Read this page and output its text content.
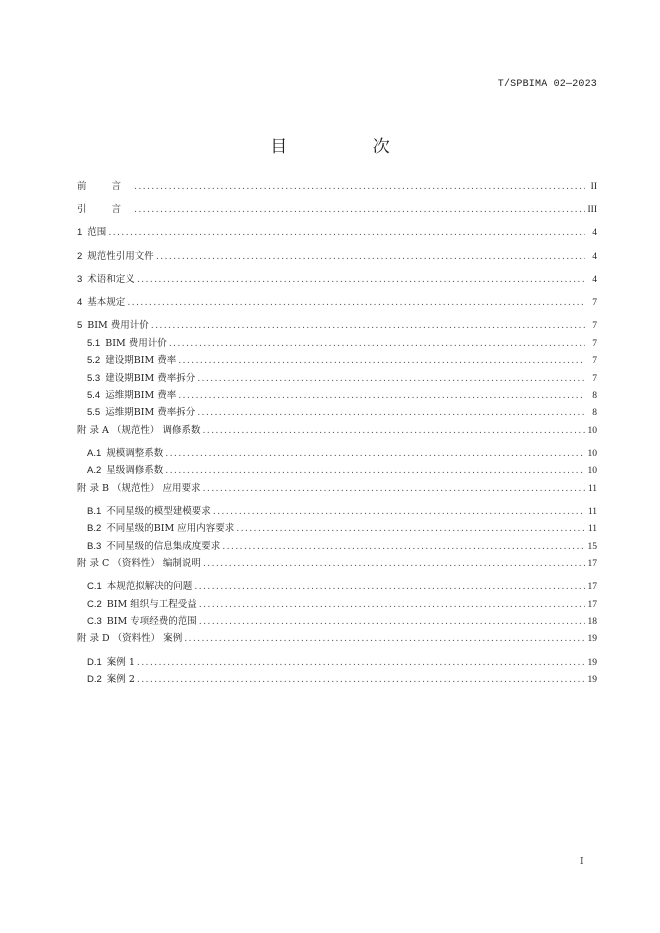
T/SPBIMA 02—2023
目 次
前 言 .....	II
引 言 .....	III
1 范围 .....	4
2 规范性引用文件 .....	4
3 术语和定义 .....	4
4 基本规定 .....	7
5 BIM 费用计价 .....	7
5.1 BIM 费用计价 .....	7
5.2 建设期BIM 费率 .....	7
5.3 建设期BIM 费率拆分 .....	7
5.4 运维期BIM 费率 .....	8
5.5 运维期BIM 费率拆分 .....	8
附 录 A （规范性） 调修系数 .....	10
A.1 规模调整系数 .....	10
A.2 星级调修系数 .....	10
附 录 B （规范性） 应用要求 .....	11
B.1 不同星级的模型建模要求 .....	11
B.2 不同星级的BIM 应用内容要求 .....	11
B.3 不同星级的信息集成度要求 .....	15
附 录 C （资料性） 编制说明 .....	17
C.1 本规范拟解决的问题 .....	17
C.2 BIM 组织与工程受益 .....	17
C.3 BIM 专项经费的范围 .....	18
附 录 D （资料性） 案例 .....	19
D.1 案例 1 .....	19
D.2 案例 2 .....	19
I
